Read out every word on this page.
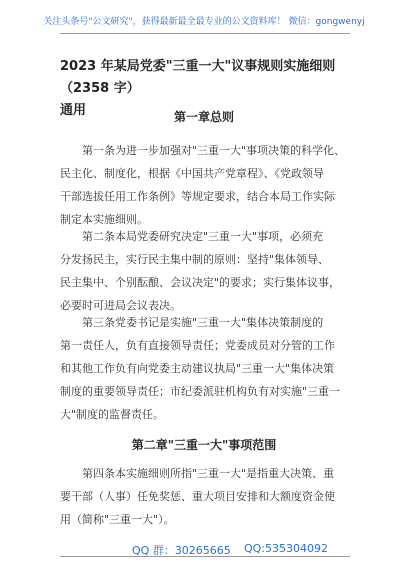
关注头条号"公文研究"，获得最新最全最专业的公文资料库！ 微信：gongwenyj
2023 年某局党委"三重一大"议事规则实施细则（2358 字）
通用	第一章总则
第一条为进一步加强对"三重一大"事项决策的科学化、
民主化、制度化，根据《中国共产党章程》、《党政领导
干部选拔任用工作条例》等规定要求，结合本局工作实际
制定本实施细则。
第二条本局党委研究决定"三重一大"事项，必须充
分发扬民主，实行民主集中制的原则：坚持"集体领导、
民主集中、个别酝酿、会议决定"的要求；实行集体议事，
必要时可进局会议表决。
第三条党委书记是实施"三重一大"集体决策制度的
第一责任人，负有直接领导责任；党委成员对分管的工作
和其他工作负有向党委主动建议执局"三重一大"集体决策
制度的重要领导责任；市纪委派驻机构负有对实施"三重一
大"制度的监督责任。
第二章"三重一大"事项范围
第四条本实施细则所指"三重一大"是指重大决策、重
要干部（人事）任免奖惩、重大项目安排和大额度资金使
用（简称"三重一大"）。
QQ 群：30265665 QQ:535304092
